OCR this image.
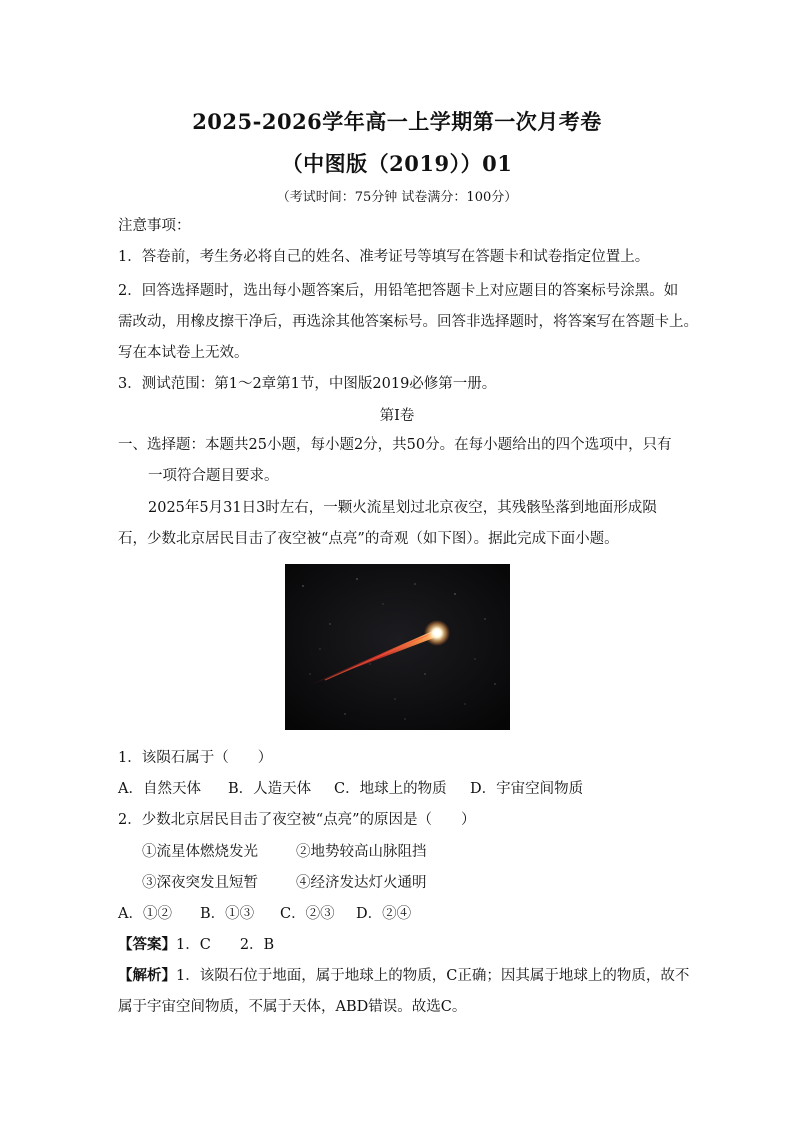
2025-2026学年高一上学期第一次月考卷
（中图版（2019））01
（考试时间：75分钟 试卷满分：100分）
注意事项：
1．答卷前，考生务必将自己的姓名、准考证号等填写在答题卡和试卷指定位置上。
2．回答选择题时，选出每小题答案后，用铅笔把答题卡上对应题目的答案标号涂黑。如
需改动，用橡皮擦干净后，再选涂其他答案标号。回答非选择题时，将答案写在答题卡上。
写在本试卷上无效。
3．测试范围：第1～2章第1节，中图版2019必修第一册。
第Ⅰ卷
一、选择题：本题共25小题，每小题2分，共50分。在每小题给出的四个选项中，只有
一项符合题目要求。
2025年5月31日3时左右，一颗火流星划过北京夜空，其残骸坠落到地面形成陨
石，少数北京居民目击了夜空被“点亮”的奇观（如下图）。据此完成下面小题。
1．该陨石属于（　　）
A．自然天体 B．人造天体 C．地球上的物质 D．宇宙空间物质
2．少数北京居民目击了夜空被“点亮”的原因是（　　）
①流星体燃烧发光	②地势较高山脉阻挡
③深夜突发且短暂	④经济发达灯火通明
A．①② B．①③ C．②③ D．②④
【答案】1．C　　2．B
【解析】1．该陨石位于地面，属于地球上的物质，C正确；因其属于地球上的物质，故不
属于宇宙空间物质，不属于天体，ABD错误。故选C。
